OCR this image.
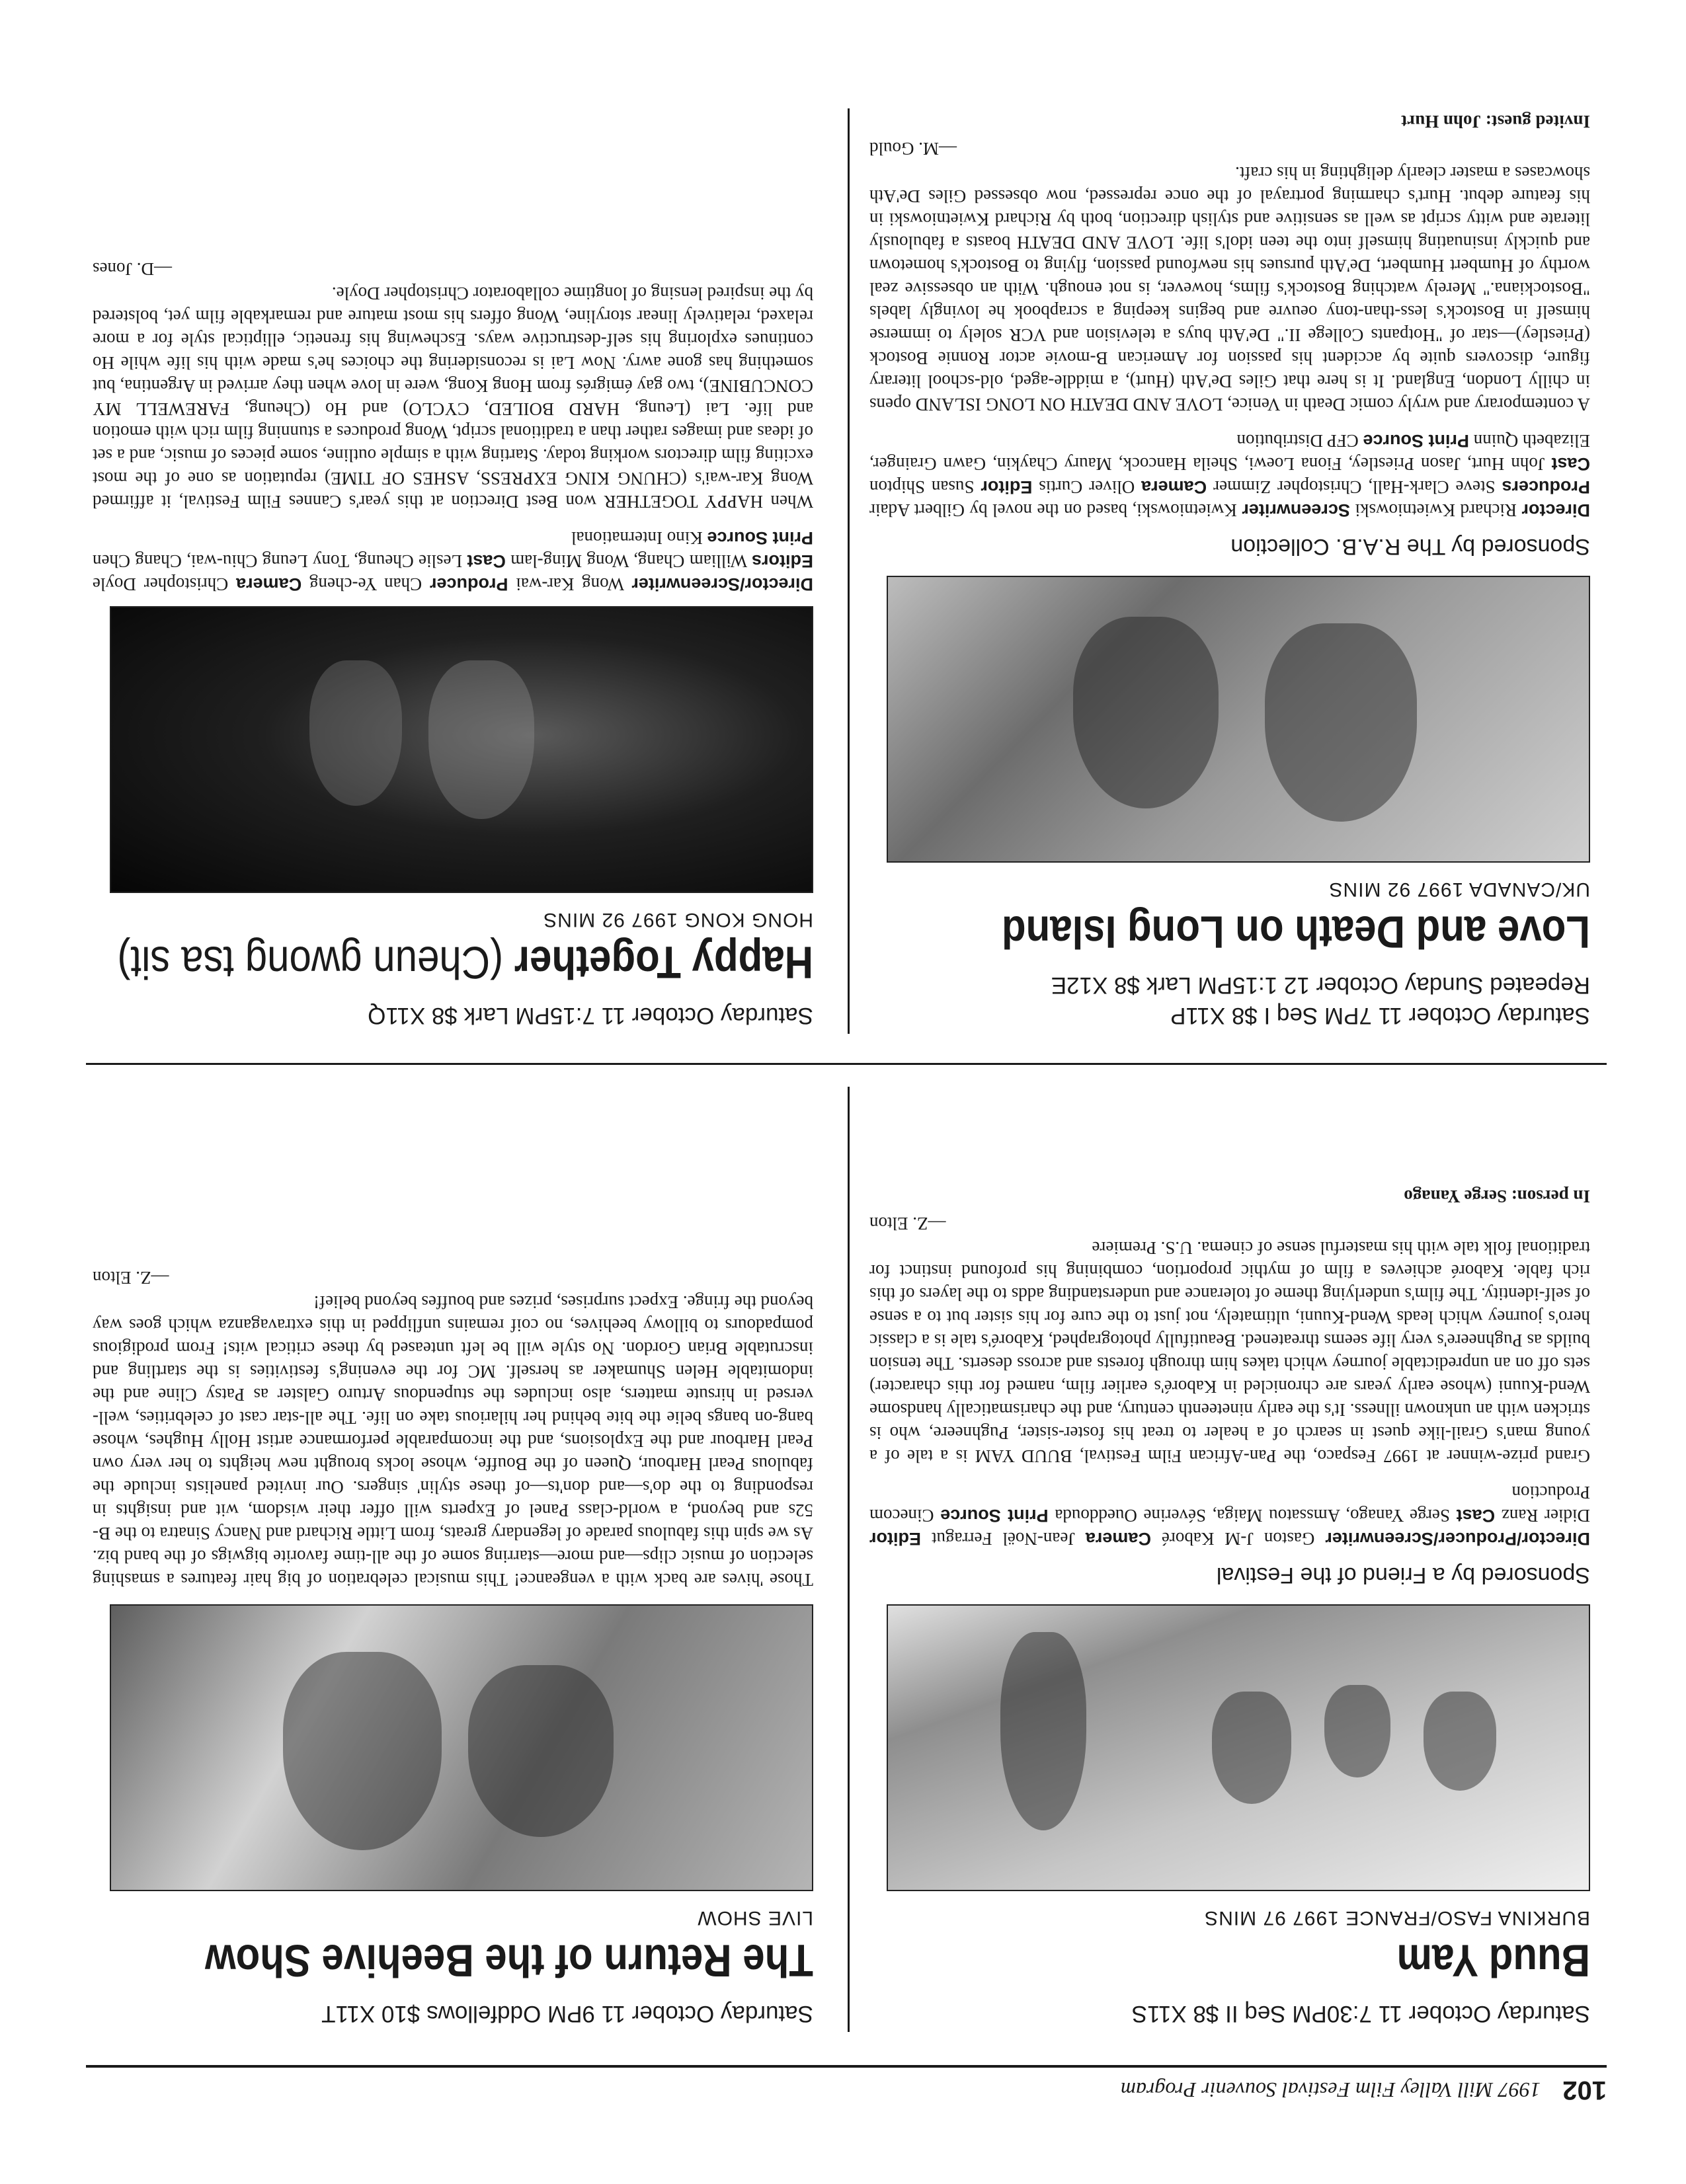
102
1997 Mill Valley Film Festival Souvenir Program
Saturday October 11 7:30PM Seq II $8 X11S
Buud Yam
BURKINA FASO/FRANCE 1997 97 MINS
Sponsored by a Friend of the Festival
Director/Producer/Screenwriter Gaston J-M Kaboré Camera Jean-Noël Ferragut Editor Didier Ranz Cast Serge Yanago, Amssatou Maiga, Séverine Oueddouda Print Source Cinecom Production
Grand prize-winner at 1997 Fespaco, the Pan-African Film Festival, BUUD YAM is a tale of a young man's Grail-like quest in search of a healer to treat his foster-sister, Pughneere, who is stricken with an unknown illness. It's the early nineteenth century, and the charismatically handsome Wend-Kuuni (whose early years are chronicled in Kaboré's earlier film, named for this character) sets off on an unpredictable journey which takes him through forests and across deserts. The tension builds as Pughneere's very life seems threatened. Beautifully photographed, Kaboré's tale is a classic hero's journey which leads Wend-Kuuni, ultimately, not just to the cure for his sister but to a sense of self-identity. The film's underlying theme of tolerance and understanding adds to the layers of this rich fable. Kaboré achieves a film of mythic proportion, combining his profound instinct for traditional folk tale with his masterful sense of cinema. U.S. Premiere
—Z. Elton
In person: Serge Yanago
Saturday October 11 9PM Oddfellows $10 X11T
The Return of the Beehive Show
LIVE SHOW
Those 'hives are back with a vengeance! This musical celebration of big hair features a smashing selection of music clips—and more—starring some of the all-time favorite bigwigs of the band biz. As we spin this fabulous parade of legendary greats, from Little Richard and Nancy Sinatra to the B-52s and beyond, a world-class Panel of Experts will offer their wisdom, wit and insights in responding to the do's—and don'ts—of these stylin' singers. Our invited panelists include the fabulous Pearl Harbour, Queen of the Bouffe, whose locks brought new heights to her very own Pearl Harbour and the Explosions, and the incomparable performance artist Holly Hughes, whose bang-on bangs belie the bite behind her hilarious take on life. The all-star cast of celebrities, well-versed in hirsute matters, also includes the stupendous Arturo Galster as Patsy Cline and the indomitable Helen Shumaker as herself. MC for the evening's festivities is the startling and inscrutable Brian Gordon. No style will be left unteased by these critical wits! From prodigious pompadours to billowy beehives, no coif remains unflipped in this extravaganza which goes way beyond the fringe. Expect surprises, prizes and bouffes beyond belief!
—Z. Elton
Saturday October 11 7PM Seq I $8 X11P
Repeated Sunday October 12 1:15PM Lark $8 X12E
Love and Death on Long Island
UK/CANADA 1997 92 MINS
Sponsored by The R.A.B. Collection
Director Richard Kwietniowski Screenwriter Kwietniowski, based on the novel by Gilbert Adair Producers Steve Clark-Hall, Christopher Zimmer Camera Oliver Curtis Editor Susan Shipton Cast John Hurt, Jason Priestley, Fiona Loewi, Sheila Hancock, Maury Chaykin, Gawn Grainger, Elizabeth Quinn Print Source CFP Distribution
A contemporary and wryly comic Death in Venice, LOVE AND DEATH ON LONG ISLAND opens in chilly London, England. It is here that Giles De'Ath (Hurt), a middle-aged, old-school literary figure, discovers quite by accident his passion for American B-movie actor Ronnie Bostock (Priestley)—star of "Hotpants College II." De'Ath buys a television and VCR solely to immerse himself in Bostock's less-than-tony oeuvre and begins keeping a scrapbook he lovingly labels "Bostockiana." Merely watching Bostock's films, however, is not enough. With an obsessive zeal worthy of Humbert Humbert, De'Ath pursues his newfound passion, flying to Bostock's hometown and quickly insinuating himself into the teen idol's life. LOVE AND DEATH boasts a fabulously literate and witty script as well as sensitive and stylish direction, both by Richard Kwietniowski in his feature debut. Hurt's charming portrayal of the once repressed, now obsessed Giles De'Ath showcases a master clearly delighting in his craft.
—M. Gould
Invited guest: John Hurt
Saturday October 11 7:15PM Lark $8 X11Q
Happy Together (Cheun gwong tsa sit)
HONG KONG 1997 92 MINS
Director/Screenwriter Wong Kar-wai Producer Chan Ye-cheng Camera Christopher Doyle Editors William Chang, Wong Ming-lam Cast Leslie Cheung, Tony Leung Chiu-wai, Chang Chen Print Source Kino International
When HAPPY TOGETHER won Best Direction at this year's Cannes Film Festival, it affirmed Wong Kar-wai's (CHUNG KING EXPRESS, ASHES OF TIME) reputation as one of the most exciting film directors working today. Starting with a simple outline, some pieces of music, and a set of ideas and images rather than a traditional script, Wong produces a stunning film rich with emotion and life. Lai (Leung, HARD BOILED, CYCLO) and Ho (Cheung, FAREWELL MY CONCUBINE), two gay émigrés from Hong Kong, were in love when they arrived in Argentina, but something has gone awry. Now Lai is reconsidering the choices he's made with his life while Ho continues exploring his self-destructive ways. Eschewing his frenetic, elliptical style for a more relaxed, relatively linear storyline, Wong offers his most mature and remarkable film yet, bolstered by the inspired lensing of longtime collaborator Christopher Doyle.
—D. Jones
